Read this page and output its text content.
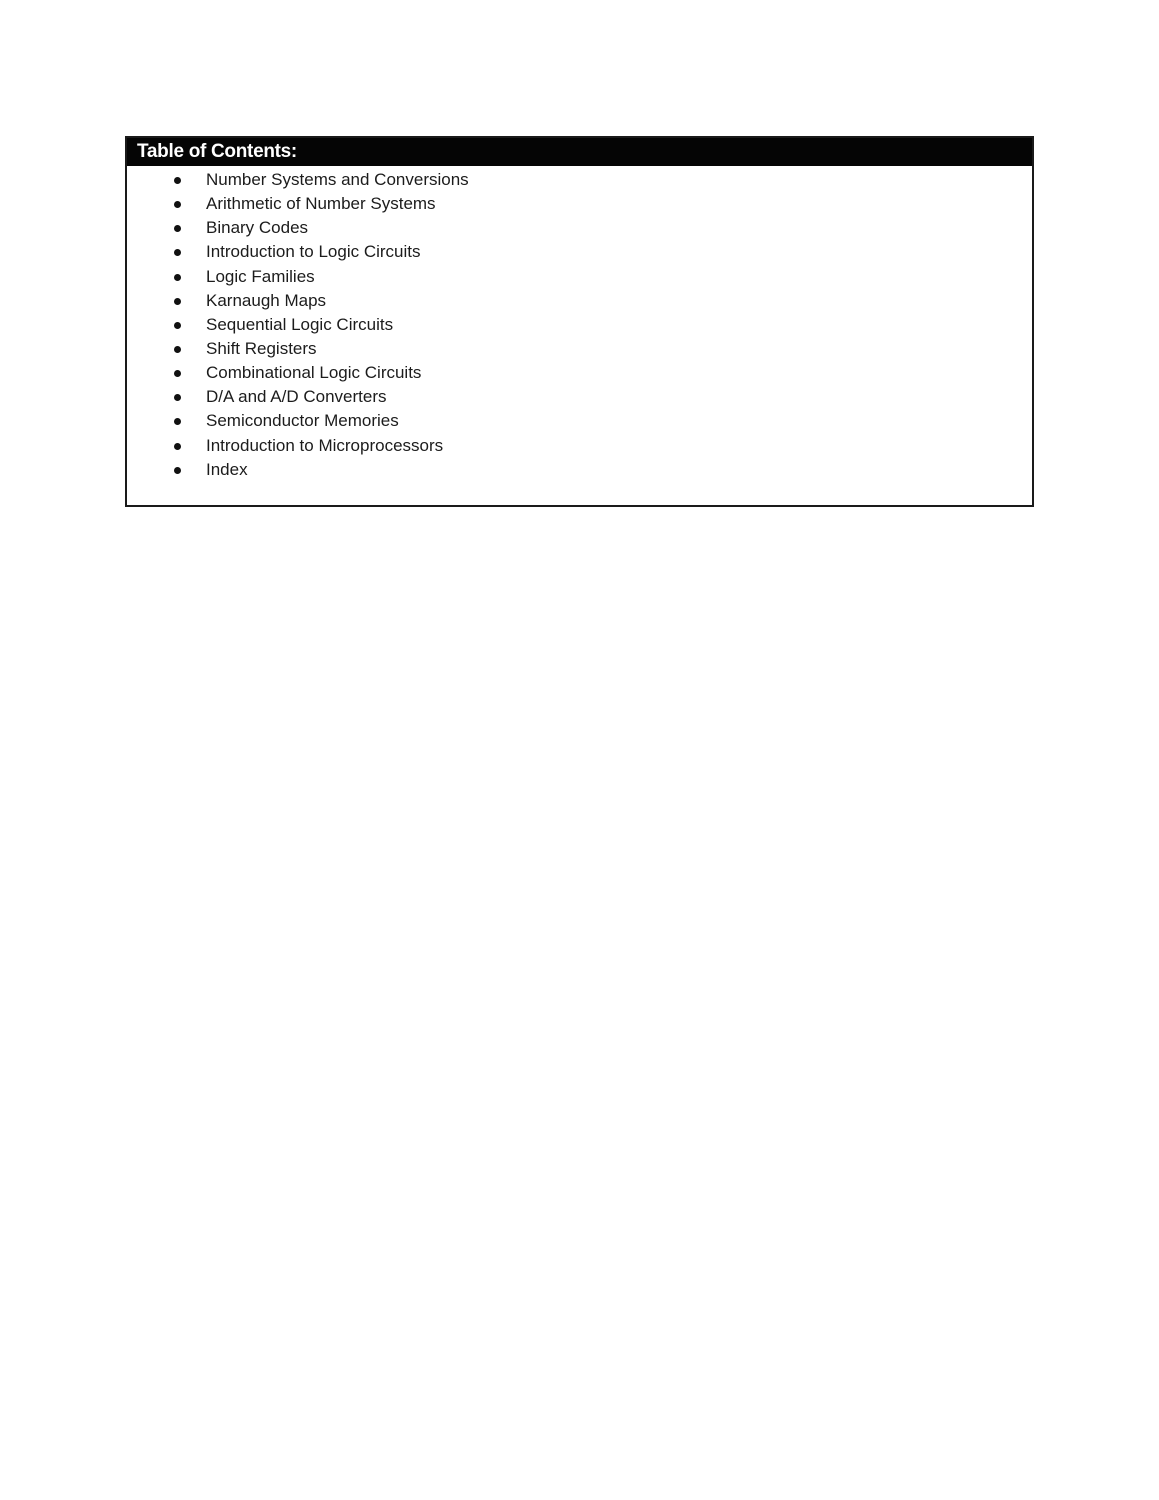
Table of Contents:
Number Systems and Conversions
Arithmetic of Number Systems
Binary Codes
Introduction to Logic Circuits
Logic Families
Karnaugh Maps
Sequential Logic Circuits
Shift Registers
Combinational Logic Circuits
D/A and A/D Converters
Semiconductor Memories
Introduction to Microprocessors
Index
